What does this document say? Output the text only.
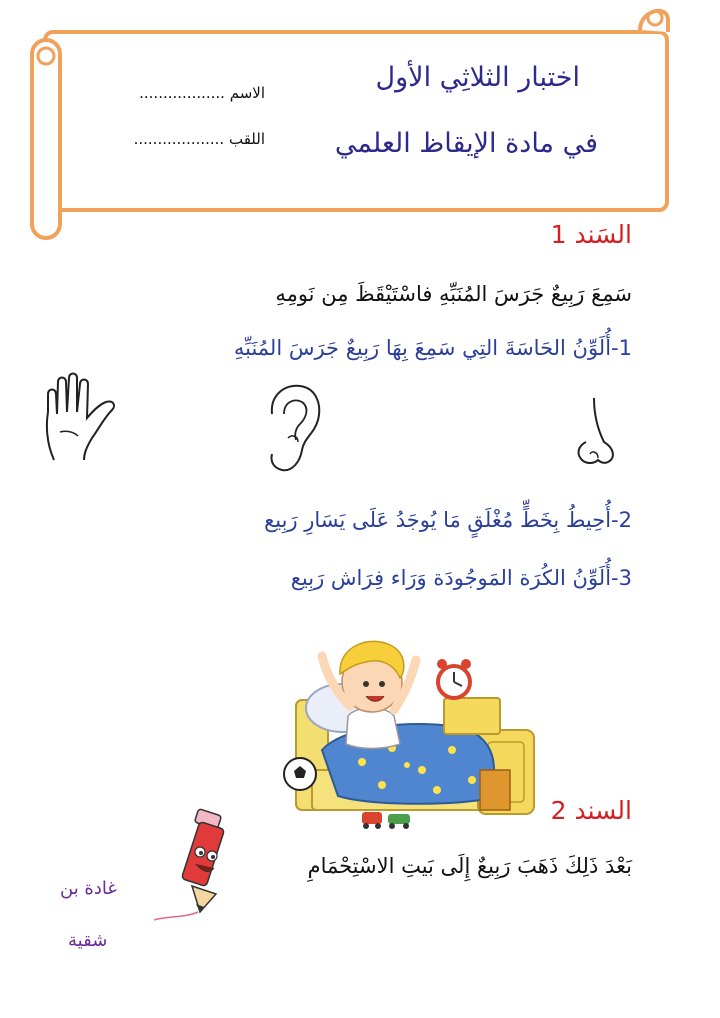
اختبار الثلاثِي الأول
في مادة الإيقاظ العلمي
الاسم ..................
اللقب ...................
السَند 1
سَمِعَ رَبِيعٌ جَرَسَ المُنَبِّهِ فاسْتَيْقَظَ مِن نَومِهِ
1-أُلَوِّنُ الحَاسَةَ التِي سَمِعَ بِهَا رَبِيعٌ جَرَسَ المُنَبِّهِ
2-أُحِيطُ بِخَطٍّ مُغْلَقٍ مَا يُوجَدُ عَلَى يَسَارِ رَبِيع
3-أُلَوِّنُ الكُرَة المَوجُودَة وَرَاء فِرَاش رَبِيع
السند 2
بَعْدَ ذَلِكَ ذَهَبَ رَبِيعٌ إِلَى بَيتِ الاسْتِحْمَامِ
غادة بن
شقية
